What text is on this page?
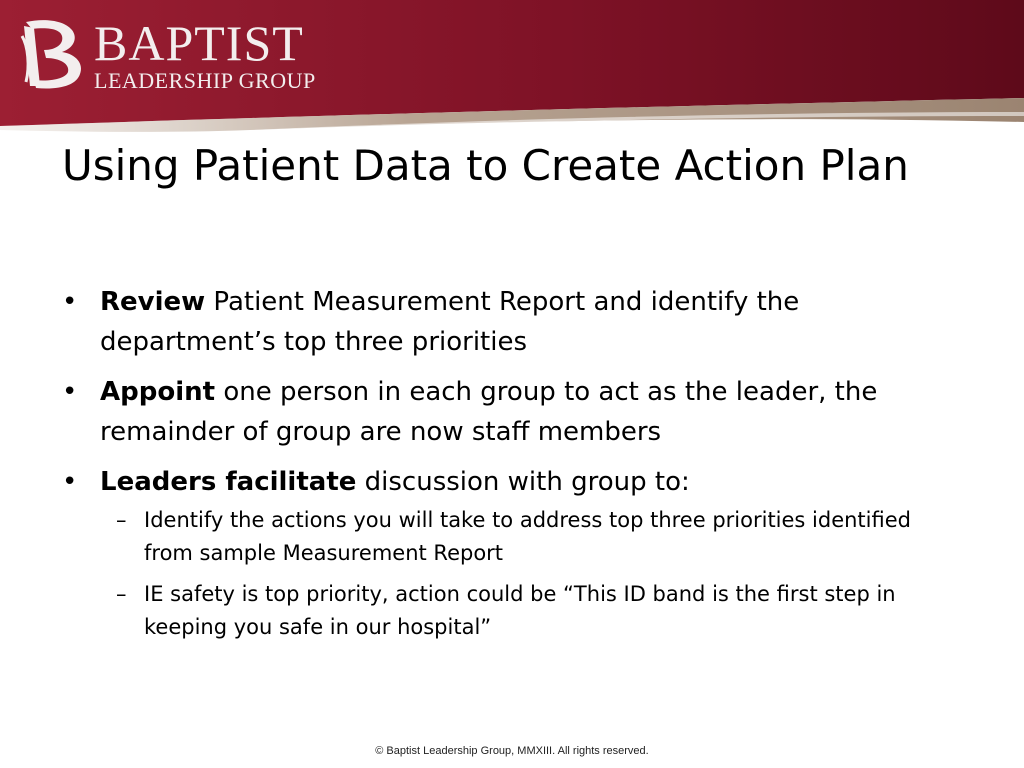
BAPTIST
LEADERSHIP GROUP
Using Patient Data to Create Action Plan
• Review Patient Measurement Report and identify the department’s top three priorities
• Appoint one person in each group to act as the leader, the remainder of group are now staff members
• Leaders facilitate discussion with group to:
– Identify the actions you will take to address top three priorities identified from sample Measurement Report
– IE safety is top priority, action could be “This ID band is the first step in keeping you safe in our hospital”
© Baptist Leadership Group, MMXIII. All rights reserved.
